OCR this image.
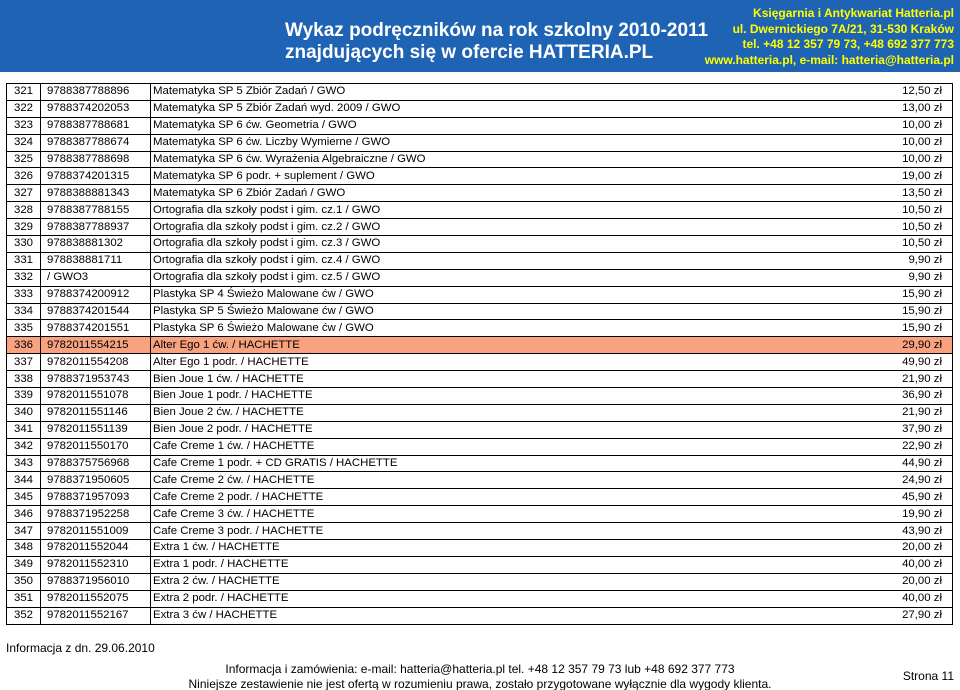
Wykaz podręczników na rok szkolny 2010-2011
znajdujących się w ofercie HATTERIA.PL
Księgarnia i Antykwariat Hatteria.pl
ul. Dwernickiego 7A/21, 31-530 Kraków
tel. +48 12 357 79 73, +48 692 377 773
www.hatteria.pl, e-mail: hatteria@hatteria.pl
321	9788387788896	Matematyka SP 5 Zbiór Zadań / GWO	12,50 zł
322	9788374202053	Matematyka SP 5 Zbiór Zadań wyd. 2009 / GWO	13,00 zł
323	9788387788681	Matematyka SP 6 ćw. Geometria / GWO	10,00 zł
324	9788387788674	Matematyka SP 6 ćw. Liczby Wymierne / GWO	10,00 zł
325	9788387788698	Matematyka SP 6 ćw. Wyrażenia Algebraiczne / GWO	10,00 zł
326	9788374201315	Matematyka SP 6 podr. + suplement / GWO	19,00 zł
327	9788388881343	Matematyka SP 6 Zbiór Zadań / GWO	13,50 zł
328	9788387788155	Ortografia dla szkoły podst i gim. cz.1 / GWO	10,50 zł
329	9788387788937	Ortografia dla szkoły podst i gim. cz.2 / GWO	10,50 zł
330	978838881302	Ortografia dla szkoły podst i gim. cz.3 / GWO	10,50 zł
331	978838881711	Ortografia dla szkoły podst i gim. cz.4 / GWO	9,90 zł
332	/ GWO3	Ortografia dla szkoły podst i gim. cz.5 / GWO	9,90 zł
333	9788374200912	Plastyka SP 4 Świeżo Malowane ćw / GWO	15,90 zł
334	9788374201544	Plastyka SP 5 Świeżo Malowane ćw / GWO	15,90 zł
335	9788374201551	Plastyka SP 6 Świeżo Malowane ćw / GWO	15,90 zł
336	9782011554215	Alter Ego 1 ćw. / HACHETTE	29,90 zł
337	9782011554208	Alter Ego 1 podr. / HACHETTE	49,90 zł
338	9788371953743	Bien Joue 1 ćw. / HACHETTE	21,90 zł
339	9782011551078	Bien Joue 1 podr. / HACHETTE	36,90 zł
340	9782011551146	Bien Joue 2 ćw. / HACHETTE	21,90 zł
341	9782011551139	Bien Joue 2 podr. / HACHETTE	37,90 zł
342	9782011550170	Cafe Creme 1 ćw. / HACHETTE	22,90 zł
343	9788375756968	Cafe Creme 1 podr. + CD GRATIS / HACHETTE	44,90 zł
344	9788371950605	Cafe Creme 2 ćw. / HACHETTE	24,90 zł
345	9788371957093	Cafe Creme 2 podr. / HACHETTE	45,90 zł
346	9788371952258	Cafe Creme 3 ćw. / HACHETTE	19,90 zł
347	9782011551009	Cafe Creme 3 podr. / HACHETTE	43,90 zł
348	9782011552044	Extra 1 ćw. / HACHETTE	20,00 zł
349	9782011552310	Extra 1 podr. / HACHETTE	40,00 zł
350	9788371956010	Extra 2 ćw. / HACHETTE	20,00 zł
351	9782011552075	Extra 2 podr. / HACHETTE	40,00 zł
352	9782011552167	Extra 3 ćw / HACHETTE	27,90 zł
Informacja z dn. 29.06.2010
Informacja i zamówienia: e-mail: hatteria@hatteria.pl tel. +48 12 357 79 73 lub +48 692 377 773
Niniejsze zestawienie nie jest ofertą w rozumieniu prawa, zostało przygotowane wyłącznie dla wygody klienta.
Strona 11
